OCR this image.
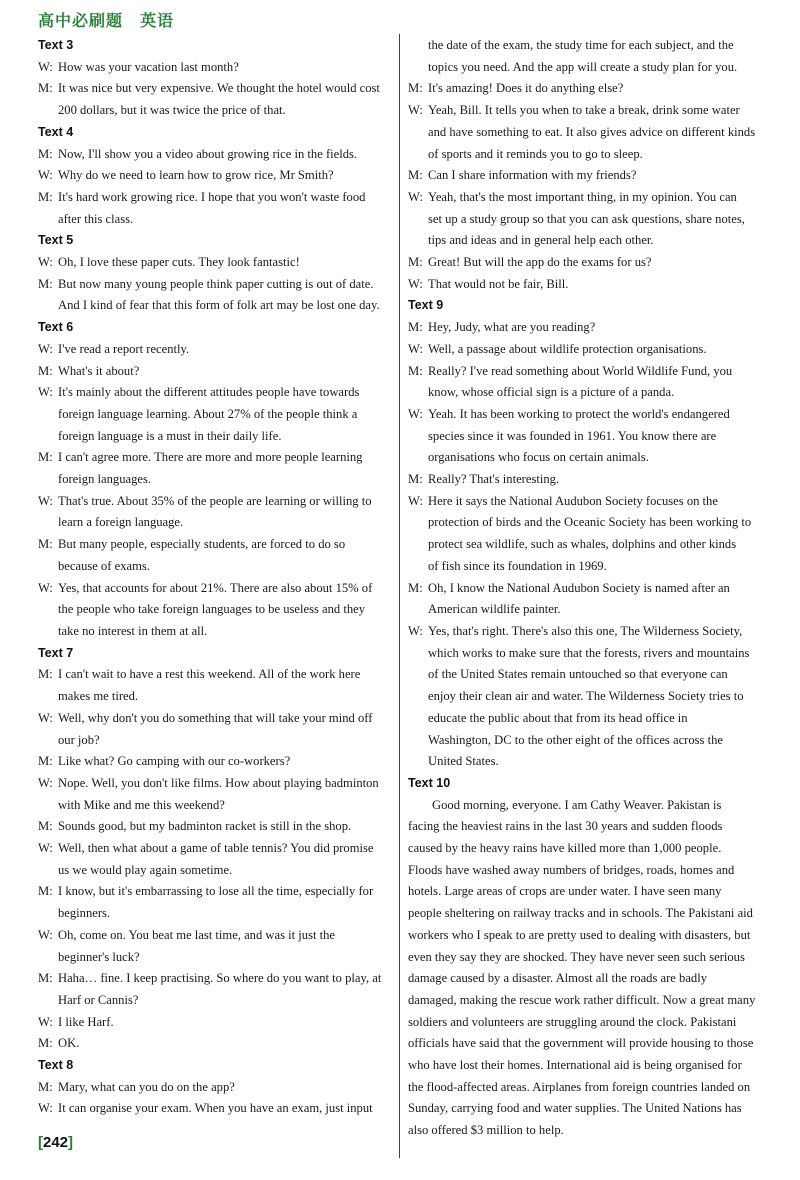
高中必刷题　英语
Text 3
W: How was your vacation last month?
M: It was nice but very expensive. We thought the hotel would cost
200 dollars, but it was twice the price of that.
Text 4
M: Now, I'll show you a video about growing rice in the fields.
W: Why do we need to learn how to grow rice, Mr Smith?
M: It's hard work growing rice. I hope that you won't waste food
after this class.
Text 5
W: Oh, I love these paper cuts. They look fantastic!
M: But now many young people think paper cutting is out of date.
And I kind of fear that this form of folk art may be lost one day.
Text 6
W: I've read a report recently.
M: What's it about?
W: It's mainly about the different attitudes people have towards
foreign language learning. About 27% of the people think a
foreign language is a must in their daily life.
M: I can't agree more. There are more and more people learning
foreign languages.
W: That's true. About 35% of the people are learning or willing to
learn a foreign language.
M: But many people, especially students, are forced to do so
because of exams.
W: Yes, that accounts for about 21%. There are also about 15% of
the people who take foreign languages to be useless and they
take no interest in them at all.
Text 7
M: I can't wait to have a rest this weekend. All of the work here
makes me tired.
W: Well, why don't you do something that will take your mind off
our job?
M: Like what? Go camping with our co-workers?
W: Nope. Well, you don't like films. How about playing badminton
with Mike and me this weekend?
M: Sounds good, but my badminton racket is still in the shop.
W: Well, then what about a game of table tennis? You did promise
us we would play again sometime.
M: I know, but it's embarrassing to lose all the time, especially for
beginners.
W: Oh, come on. You beat me last time, and was it just the
beginner's luck?
M: Haha… fine. I keep practising. So where do you want to play, at
Harf or Cannis?
W: I like Harf.
M: OK.
Text 8
M: Mary, what can you do on the app?
W: It can organise your exam. When you have an exam, just input
the date of the exam, the study time for each subject, and the
topics you need. And the app will create a study plan for you.
M: It's amazing! Does it do anything else?
W: Yeah, Bill. It tells you when to take a break, drink some water
and have something to eat. It also gives advice on different kinds
of sports and it reminds you to go to sleep.
M: Can I share information with my friends?
W: Yeah, that's the most important thing, in my opinion. You can
set up a study group so that you can ask questions, share notes,
tips and ideas and in general help each other.
M: Great! But will the app do the exams for us?
W: That would not be fair, Bill.
Text 9
M: Hey, Judy, what are you reading?
W: Well, a passage about wildlife protection organisations.
M: Really? I've read something about World Wildlife Fund, you
know, whose official sign is a picture of a panda.
W: Yeah. It has been working to protect the world's endangered
species since it was founded in 1961. You know there are
organisations who focus on certain animals.
M: Really? That's interesting.
W: Here it says the National Audubon Society focuses on the
protection of birds and the Oceanic Society has been working to
protect sea wildlife, such as whales, dolphins and other kinds
of fish since its foundation in 1969.
M: Oh, I know the National Audubon Society is named after an
American wildlife painter.
W: Yes, that's right. There's also this one, The Wilderness Society,
which works to make sure that the forests, rivers and mountains
of the United States remain untouched so that everyone can
enjoy their clean air and water. The Wilderness Society tries to
educate the public about that from its head office in
Washington, DC to the other eight of the offices across the
United States.
Text 10
Good morning, everyone. I am Cathy Weaver. Pakistan is
facing the heaviest rains in the last 30 years and sudden floods
caused by the heavy rains have killed more than 1,000 people.
Floods have washed away numbers of bridges, roads, homes and
hotels. Large areas of crops are under water. I have seen many
people sheltering on railway tracks and in schools. The Pakistani aid
workers who I speak to are pretty used to dealing with disasters, but
even they say they are shocked. They have never seen such serious
damage caused by a disaster. Almost all the roads are badly
damaged, making the rescue work rather difficult. Now a great many
soldiers and volunteers are struggling around the clock. Pakistani
officials have said that the government will provide housing to those
who have lost their homes. International aid is being organised for
the flood-affected areas. Airplanes from foreign countries landed on
Sunday, carrying food and water supplies. The United Nations has
also offered $3 million to help.
[242]
